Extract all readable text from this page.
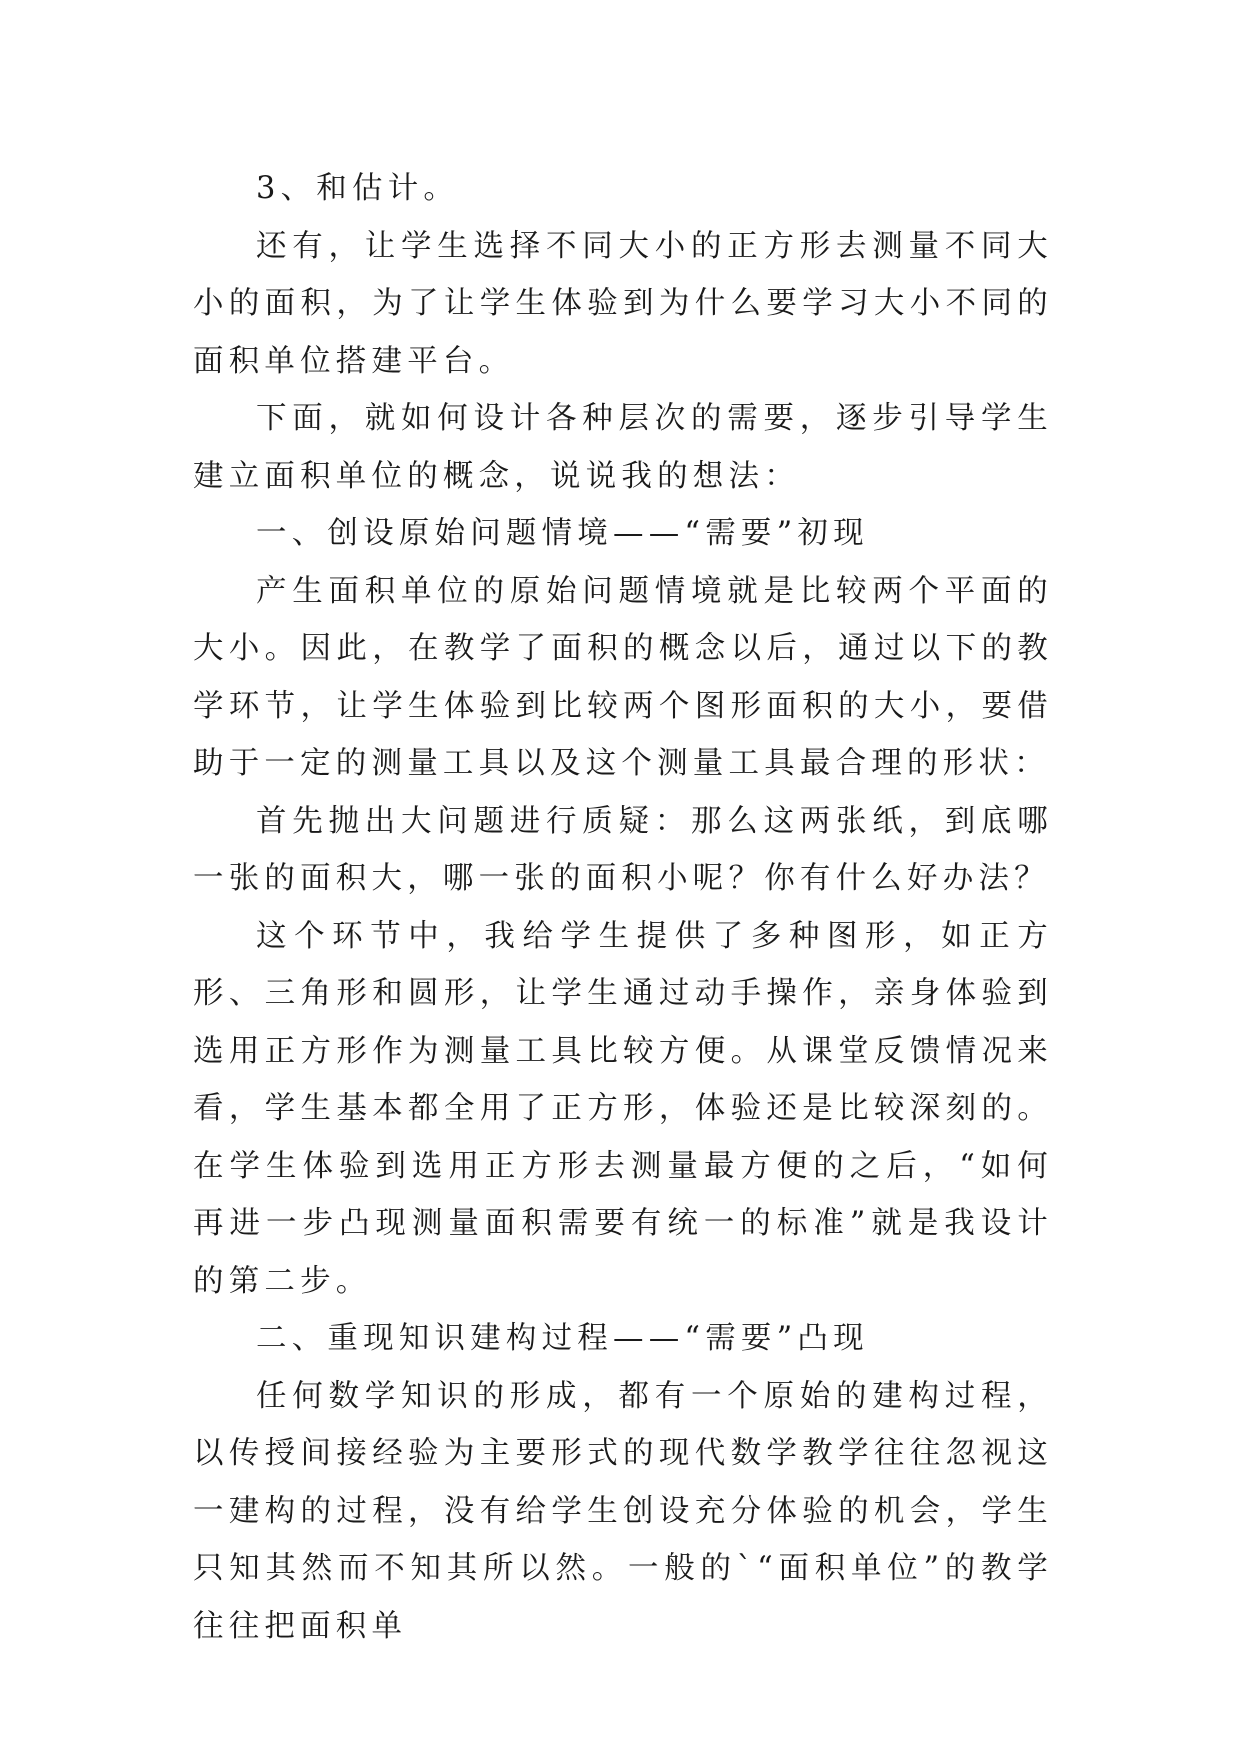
3、和估计。

还有，让学生选择不同大小的正方形去测量不同大小的面积，为了让学生体验到为什么要学习大小不同的面积单位搭建平台。

下面，就如何设计各种层次的需要，逐步引导学生建立面积单位的概念，说说我的想法：

一、创设原始问题情境——“需要”初现

产生面积单位的原始问题情境就是比较两个平面的大小。因此，在教学了面积的概念以后，通过以下的教学环节，让学生体验到比较两个图形面积的大小，要借助于一定的测量工具以及这个测量工具最合理的形状：

首先抛出大问题进行质疑：那么这两张纸，到底哪一张的面积大，哪一张的面积小呢？你有什么好办法？

这个环节中，我给学生提供了多种图形，如正方形、三角形和圆形，让学生通过动手操作，亲身体验到选用正方形作为测量工具比较方便。从课堂反馈情况来看，学生基本都全用了正方形，体验还是比较深刻的。在学生体验到选用正方形去测量最方便的之后，“如何再进一步凸现测量面积需要有统一的标准”就是我设计的第二步。

二、重现知识建构过程——“需要”凸现

任何数学知识的形成，都有一个原始的建构过程，以传授间接经验为主要形式的现代数学教学往往忽视这一建构的过程，没有给学生创设充分体验的机会，学生只知其然而不知其所以然。一般的`“面积单位”的教学往往把面积单
